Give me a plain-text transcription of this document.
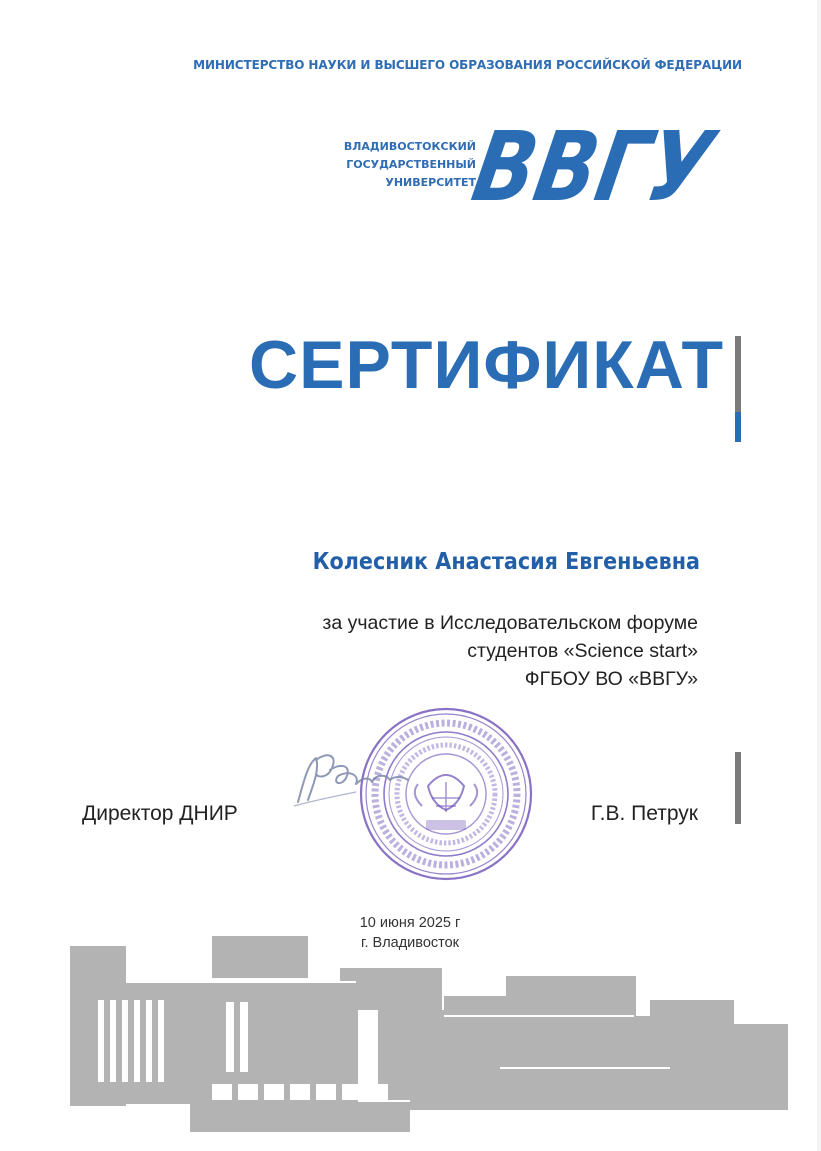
МИНИСТЕРСТВО НАУКИ И ВЫСШЕГО ОБРАЗОВАНИЯ РОССИЙСКОЙ ФЕДЕРАЦИИ
ВЛАДИВОСТОКСКИЙ
ГОСУДАРСТВЕННЫЙ
УНИВЕРСИТЕТ
ВВГУ
СЕРТИФИКАТ
Колесник Анастасия Евгеньевна
за участие в Исследовательском форуме
студентов «Science start»
ФГБОУ ВО «ВВГУ»
Директор ДНИР	Г.В. Петрук
10 июня 2025 г
г. Владивосток
